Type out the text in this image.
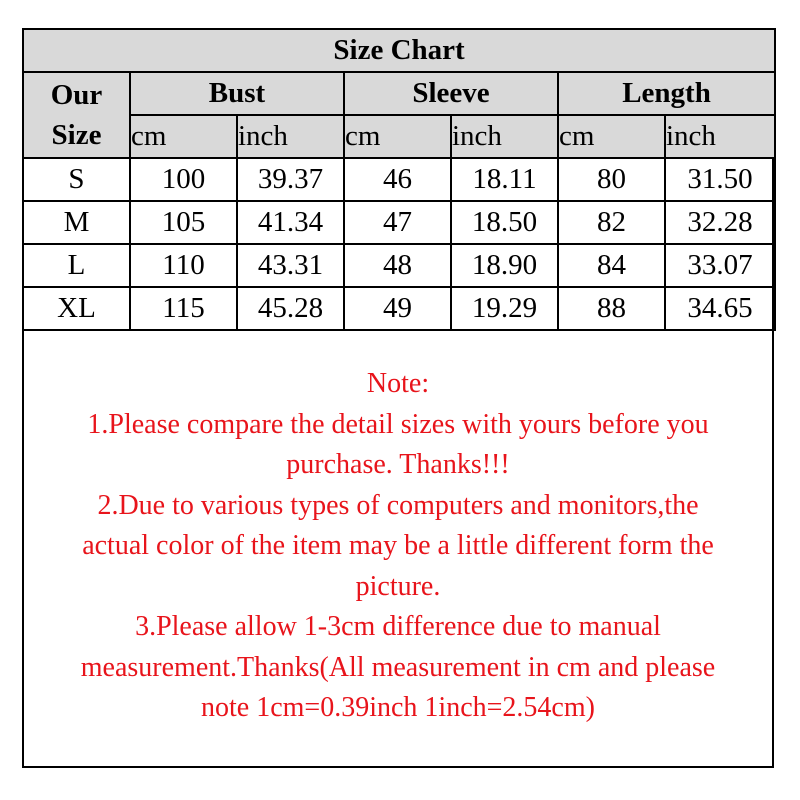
Size Chart						

Our
Size	Bust		Sleeve		Length	
	cm	inch	cm	inch	cm	inch
S	100	39.37	46	18.11	80	31.50
M	105	41.34	47	18.50	82	32.28
L	110	43.31	48	18.90	84	33.07
XL	115	45.28	49	19.29	88	34.65
Note:
1.Please compare the detail sizes with yours before you
purchase. Thanks!!!
2.Due to various types of computers and monitors,the
actual color of the item may be a little different form the
picture.
3.Please allow 1-3cm difference due to manual
measurement.Thanks(All measurement in cm and please
note 1cm=0.39inch 1inch=2.54cm)
